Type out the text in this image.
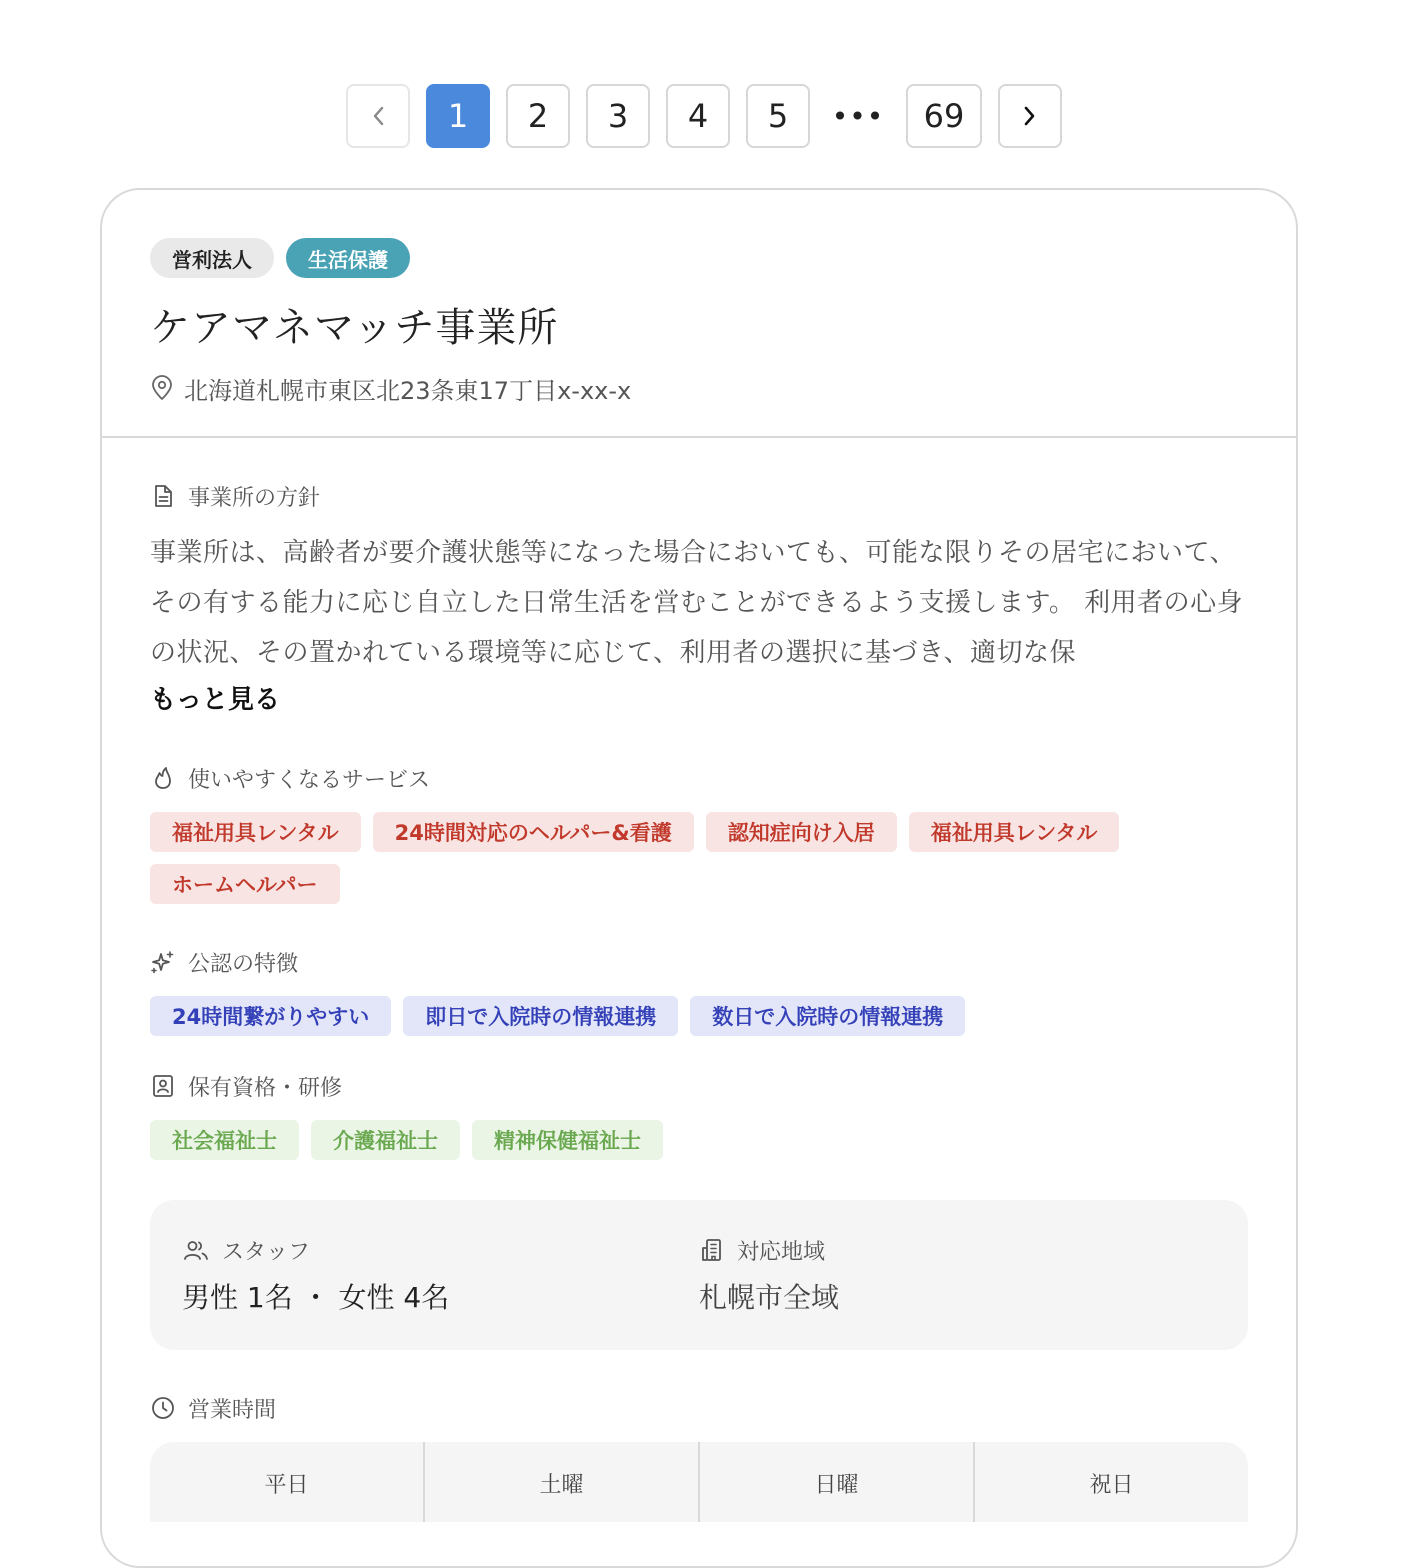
1	2	3	4	5	•••	69
営利法人	生活保護
ケアマネマッチ事業所
北海道札幌市東区北23条東17丁目x-xx-x
事業所の方針
事業所は、高齢者が要介護状態等になった場合においても、可能な限りその居宅において、その有する能力に応じ自立した日常生活を営むことができるよう支援します。 利用者の心身の状況、その置かれている環境等に応じて、利用者の選択に基づき、適切な保
もっと見る
使いやすくなるサービス
福祉用具レンタル	24時間対応のヘルパー&看護	認知症向け入居	福祉用具レンタル
ホームヘルパー
公認の特徴
24時間繋がりやすい	即日で入院時の情報連携	数日で入院時の情報連携
保有資格・研修
社会福祉士	介護福祉士	精神保健福祉士
スタッフ
男性 1名 ・ 女性 4名
対応地域
札幌市全域
営業時間
平日	土曜	日曜	祝日
